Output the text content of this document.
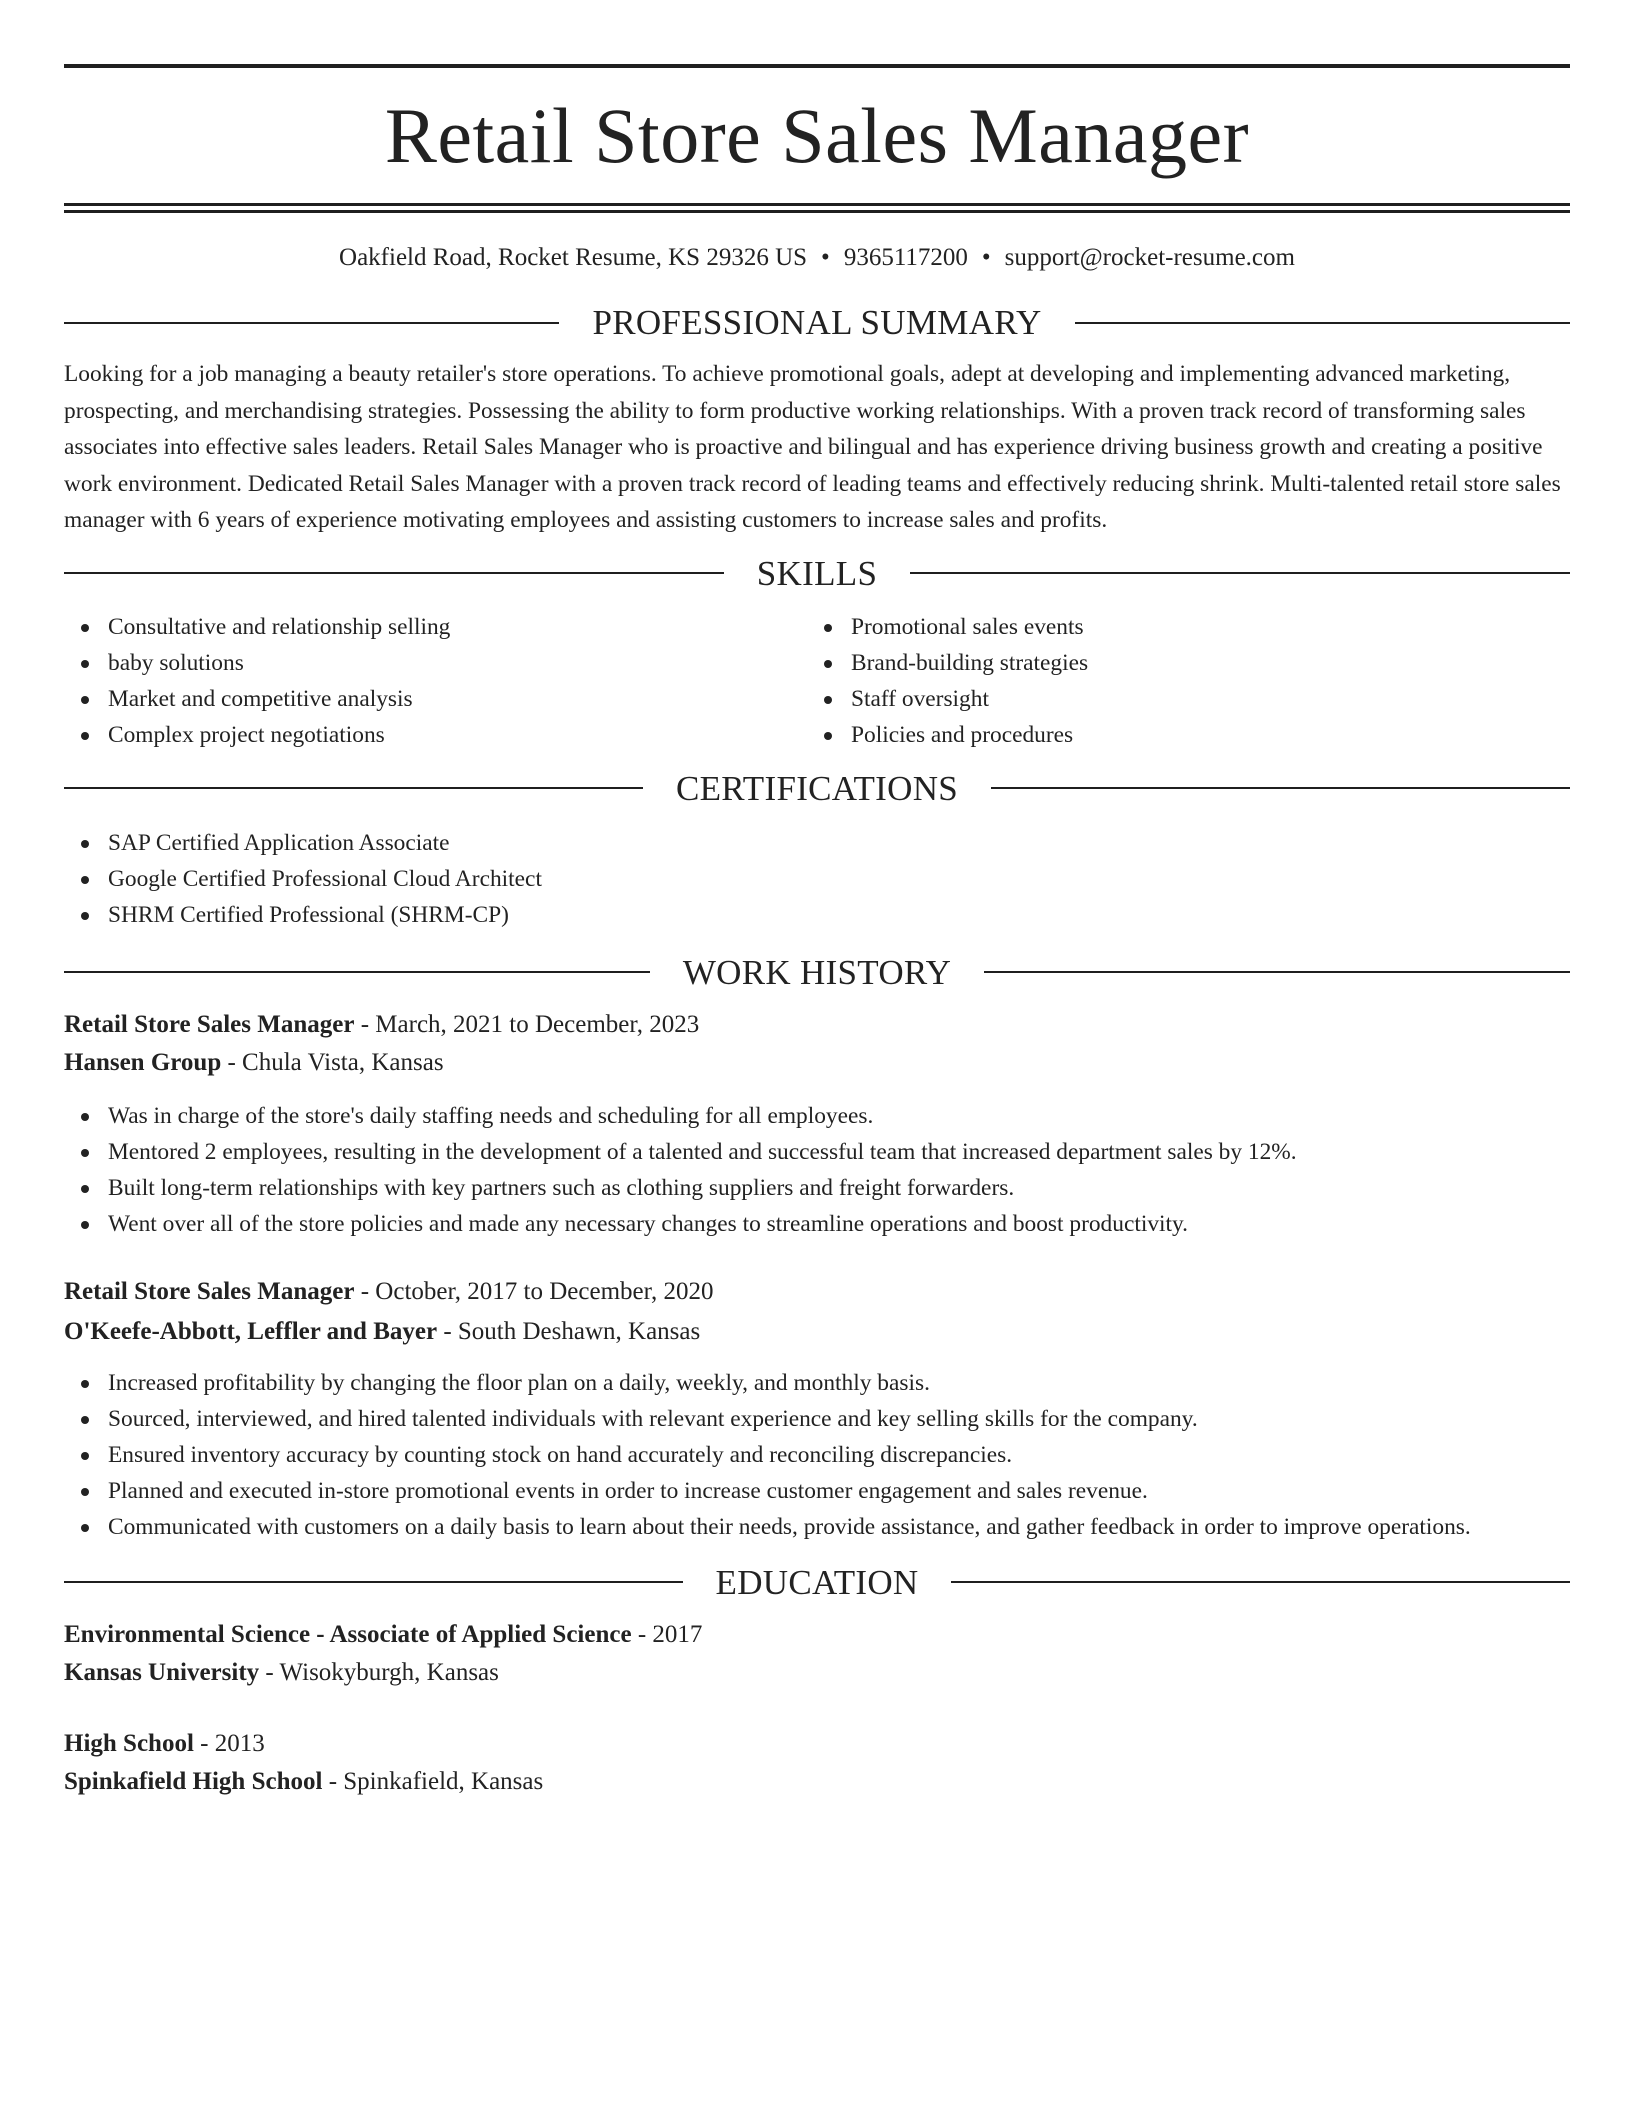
Retail Store Sales Manager
Oakfield Road, Rocket Resume, KS 29326 US • 9365117200 • support@rocket-resume.com
PROFESSIONAL SUMMARY

Looking for a job managing a beauty retailer's store operations. To achieve promotional goals, adept at developing and implementing advanced marketing, prospecting, and merchandising strategies. Possessing the ability to form productive working relationships. With a proven track record of transforming sales associates into effective sales leaders. Retail Sales Manager who is proactive and bilingual and has experience driving business growth and creating a positive work environment. Dedicated Retail Sales Manager with a proven track record of leading teams and effectively reducing shrink. Multi-talented retail store sales manager with 6 years of experience motivating employees and assisting customers to increase sales and profits.

SKILLS
Consultative and relationship selling
baby solutions
Market and competitive analysis
Complex project negotiations
Promotional sales events
Brand-building strategies
Staff oversight
Policies and procedures
CERTIFICATIONS
SAP Certified Application Associate
Google Certified Professional Cloud Architect
SHRM Certified Professional (SHRM-CP)
WORK HISTORY
Retail Store Sales Manager - March, 2021 to December, 2023
Hansen Group - Chula Vista, Kansas
Was in charge of the store's daily staffing needs and scheduling for all employees.
Mentored 2 employees, resulting in the development of a talented and successful team that increased department sales by 12%.
Built long-term relationships with key partners such as clothing suppliers and freight forwarders.
Went over all of the store policies and made any necessary changes to streamline operations and boost productivity.
Retail Store Sales Manager - October, 2017 to December, 2020
O'Keefe-Abbott, Leffler and Bayer - South Deshawn, Kansas
Increased profitability by changing the floor plan on a daily, weekly, and monthly basis.
Sourced, interviewed, and hired talented individuals with relevant experience and key selling skills for the company.
Ensured inventory accuracy by counting stock on hand accurately and reconciling discrepancies.
Planned and executed in-store promotional events in order to increase customer engagement and sales revenue.
Communicated with customers on a daily basis to learn about their needs, provide assistance, and gather feedback in order to improve operations.
EDUCATION
Environmental Science - Associate of Applied Science - 2017
Kansas University - Wisokyburgh, Kansas
High School - 2013
Spinkafield High School - Spinkafield, Kansas
